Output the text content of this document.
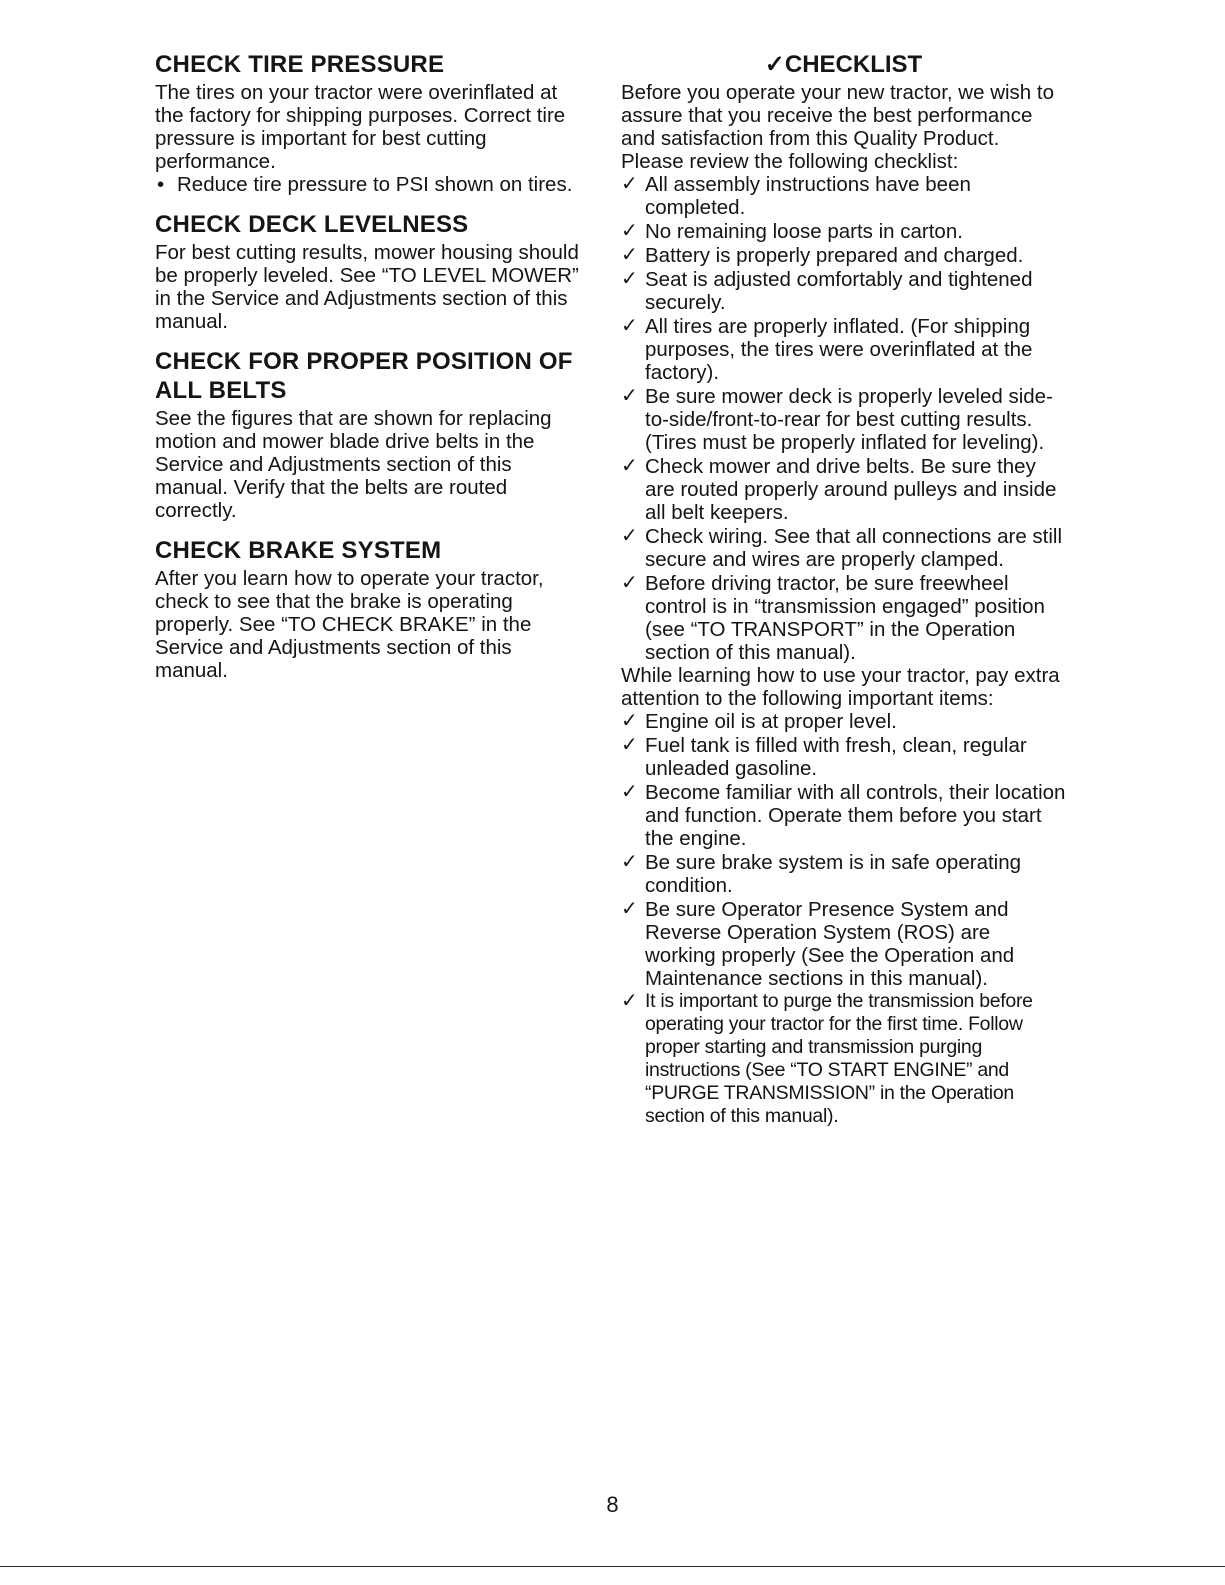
CHECK TIRE PRESSURE

The tires on your tractor were overinflated at the factory for shipping purposes. Correct tire pressure is important for best cutting performance.

• Reduce tire pressure to PSI shown on tires.
CHECK DECK LEVELNESS

For best cutting results, mower housing should be properly leveled. See “TO LEVEL MOWER” in the Service and Adjustments section of this manual.

CHECK FOR PROPER POSITION OF ALL BELTS

See the figures that are shown for replacing motion and mower blade drive belts in the Service and Adjustments section of this manual. Verify that the belts are routed correctly.

CHECK BRAKE SYSTEM

After you learn how to operate your tractor, check to see that the brake is operating properly. See “TO CHECK BRAKE” in the Service and Adjustments section of this manual.

✓CHECKLIST

Before you operate your new tractor, we wish to assure that you receive the best performance and satisfaction from this Quality Product.

Please review the following checklist:

✓ All assembly instructions have been completed.
✓ No remaining loose parts in carton.
✓ Battery is properly prepared and charged.
✓ Seat is adjusted comfortably and tightened securely.
✓ All tires are properly inflated. (For shipping purposes, the tires were overinflated at the factory).
✓ Be sure mower deck is properly leveled side-to-side/front-to-rear for best cutting results. (Tires must be properly inflated for leveling).
✓ Check mower and drive belts. Be sure they are routed properly around pulleys and inside all belt keepers.
✓ Check wiring. See that all connections are still secure and wires are properly clamped.
✓ Before driving tractor, be sure freewheel control is in “transmission engaged” position (see “TO TRANSPORT” in the Operation section of this manual).

While learning how to use your tractor, pay extra attention to the following important items:

✓ Engine oil is at proper level.
✓ Fuel tank is filled with fresh, clean, regular unleaded gasoline.
✓ Become familiar with all controls, their location and function. Operate them before you start the engine.
✓ Be sure brake system is in safe operating condition.
✓ Be sure Operator Presence System and Reverse Operation System (ROS) are working properly (See the Operation and Maintenance sections in this manual).
✓ It is important to purge the transmission before operating your tractor for the first time. Follow proper starting and transmission purging instructions (See “TO START ENGINE” and “PURGE TRANSMISSION” in the Operation section of this manual).
8
